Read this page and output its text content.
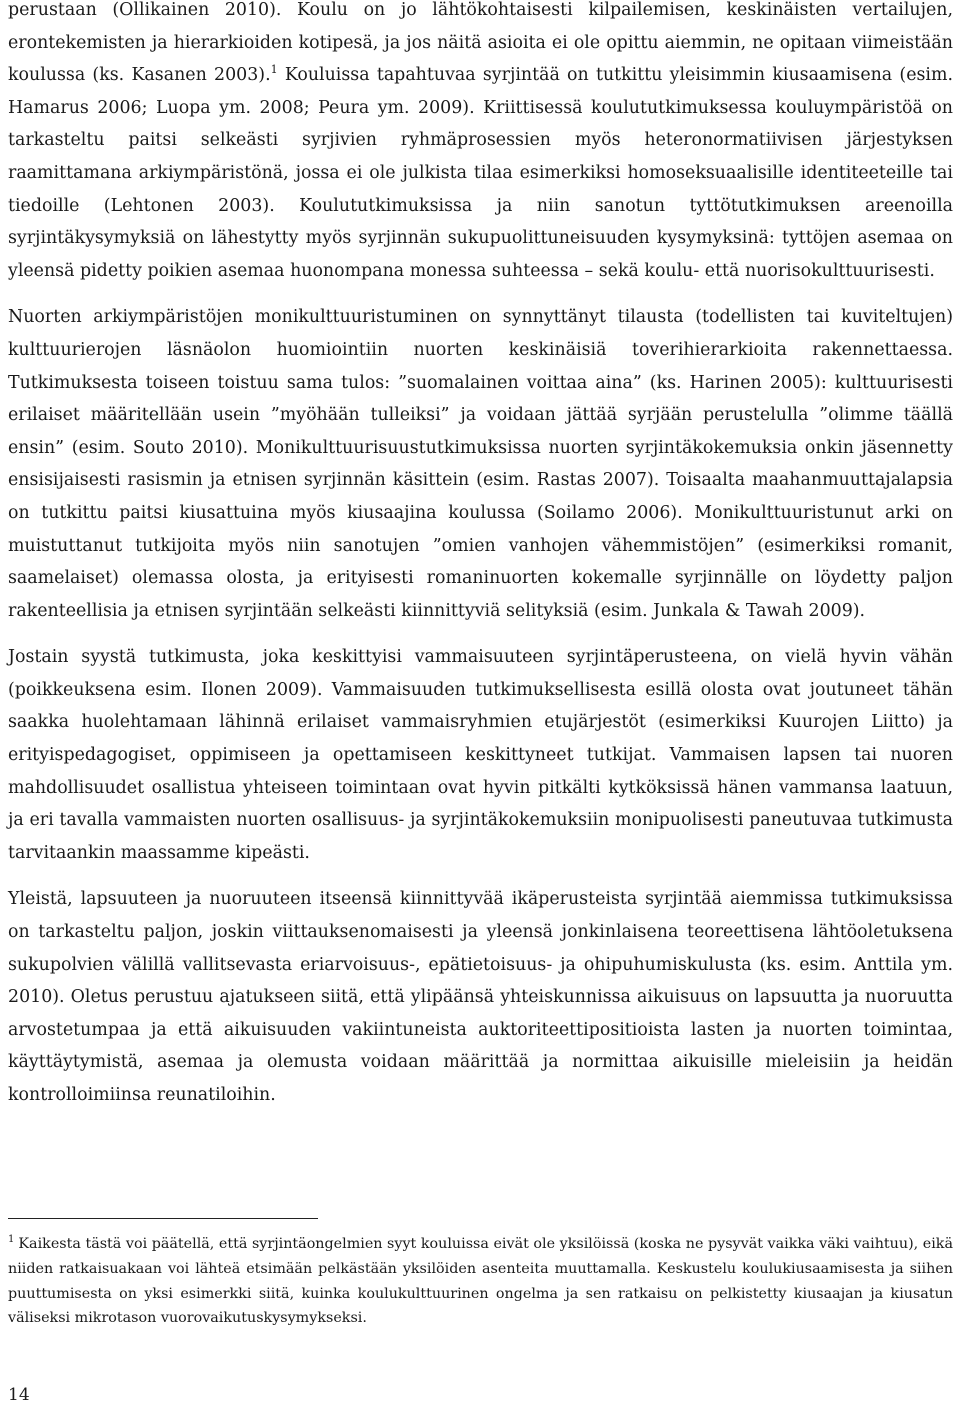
perustaan (Ollikainen 2010). Koulu on jo lähtökohtaisesti kilpailemisen, keskinäisten vertailujen, erontekemisten ja hierarkioiden kotipesä, ja jos näitä asioita ei ole opittu aiemmin, ne opitaan viimeistään koulussa (ks. Kasanen 2003).$^1$ Kouluissa tapahtuvaa syrjintää on tutkittu yleisimmin kiusaamisena (esim. Hamarus 2006; Luopa ym. 2008; Peura ym. 2009). Kriittisessä koulututkimuksessa kouluympäristöä on tarkasteltu paitsi selkeästi syrjivien ryhmäprosessien myös heteronormatiivisen järjestyksen raamittamana arkiympäristönä, jossa ei ole julkista tilaa esimerkiksi homoseksuaalisille identiteeteille tai tiedoille (Lehtonen 2003). Koulututkimuksissa ja niin sanotun tyttötutkimuksen areenoilla syrjintäkysymyksiä on lähestytty myös syrjinnän sukupuolittuneisuuden kysymyksinä: tyttöjen asemaa on yleensä pidetty poikien asemaa huonompana monessa suhteessa – sekä koulu- että nuorisokulttuurisesti.

Nuorten arkiympäristöjen monikulttuuristuminen on synnyttänyt tilausta (todellisten tai kuviteltujen) kulttuurierojen läsnäolon huomiointiin nuorten keskinäisiä toverihierarkioita rakennettaessa. Tutkimuksesta toiseen toistuu sama tulos: ”suomalainen voittaa aina” (ks. Harinen 2005): kulttuurisesti erilaiset määritellään usein ”myöhään tulleiksi” ja voidaan jättää syrjään perustelulla ”olimme täällä ensin” (esim. Souto 2010). Monikulttuurisuustutkimuksissa nuorten syrjintäkokemuksia onkin jäsennetty ensisijaisesti rasismin ja etnisen syrjinnän käsittein (esim. Rastas 2007). Toisaalta maahanmuuttajalapsia on tutkittu paitsi kiusattuina myös kiusaajina koulussa (Soilamo 2006). Monikulttuuristunut arki on muistuttanut tutkijoita myös niin sanotujen ”omien vanhojen vähemmistöjen” (esimerkiksi romanit, saamelaiset) olemassa olosta, ja erityisesti romaninuorten kokemalle syrjinnälle on löydetty paljon rakenteellisia ja etnisen syrjintään selkeästi kiinnittyviä selityksiä (esim. Junkala & Tawah 2009).

Jostain syystä tutkimusta, joka keskittyisi vammaisuuteen syrjintäperusteena, on vielä hyvin vähän (poikkeuksena esim. Ilonen 2009). Vammaisuuden tutkimuksellisesta esillä olosta ovat joutuneet tähän saakka huolehtamaan lähinnä erilaiset vammaisryhmien etujärjestöt (esimerkiksi Kuurojen Liitto) ja erityispedagogiset, oppimiseen ja opettamiseen keskittyneet tutkijat. Vammaisen lapsen tai nuoren mahdollisuudet osallistua yhteiseen toimintaan ovat hyvin pitkälti kytköksissä hänen vammansa laatuun, ja eri tavalla vammaisten nuorten osallisuus- ja syrjintäkokemuksiin monipuolisesti paneutuvaa tutkimusta tarvitaankin maassamme kipeästi.

Yleistä, lapsuuteen ja nuoruuteen itseensä kiinnittyvää ikäperusteista syrjintää aiemmissa tutkimuksissa on tarkasteltu paljon, joskin viittauksenomaisesti ja yleensä jonkinlaisena teoreettisena lähtöoletuksena sukupolvien välillä vallitsevasta eriarvoisuus-, epätietoisuus- ja ohipuhumiskulusta (ks. esim. Anttila ym. 2010). Oletus perustuu ajatukseen siitä, että ylipäänsä yhteiskunnissa aikuisuus on lapsuutta ja nuoruutta arvostetumpaa ja että aikuisuuden vakiintuneista auktoriteettipositioista lasten ja nuorten toimintaa, käyttäytymistä, asemaa ja olemusta voidaan määrittää ja normittaa aikuisille mieleisiin ja heidän kontrolloimiinsa reunatiloihin.

$^1$ Kaikesta tästä voi päätellä, että syrjintäongelmien syyt kouluissa eivät ole yksilöissä (koska ne pysyvät vaikka väki vaihtuu), eikä niiden ratkaisuakaan voi lähteä etsimään pelkästään yksilöiden asenteita muuttamalla. Keskustelu koulukiusaamisesta ja siihen puuttumisesta on yksi esimerkki siitä, kuinka koulukulttuurinen ongelma ja sen ratkaisu on pelkistetty kiusaajan ja kiusatun väliseksi mikrotason vuorovaikutuskysymykseksi.

14
